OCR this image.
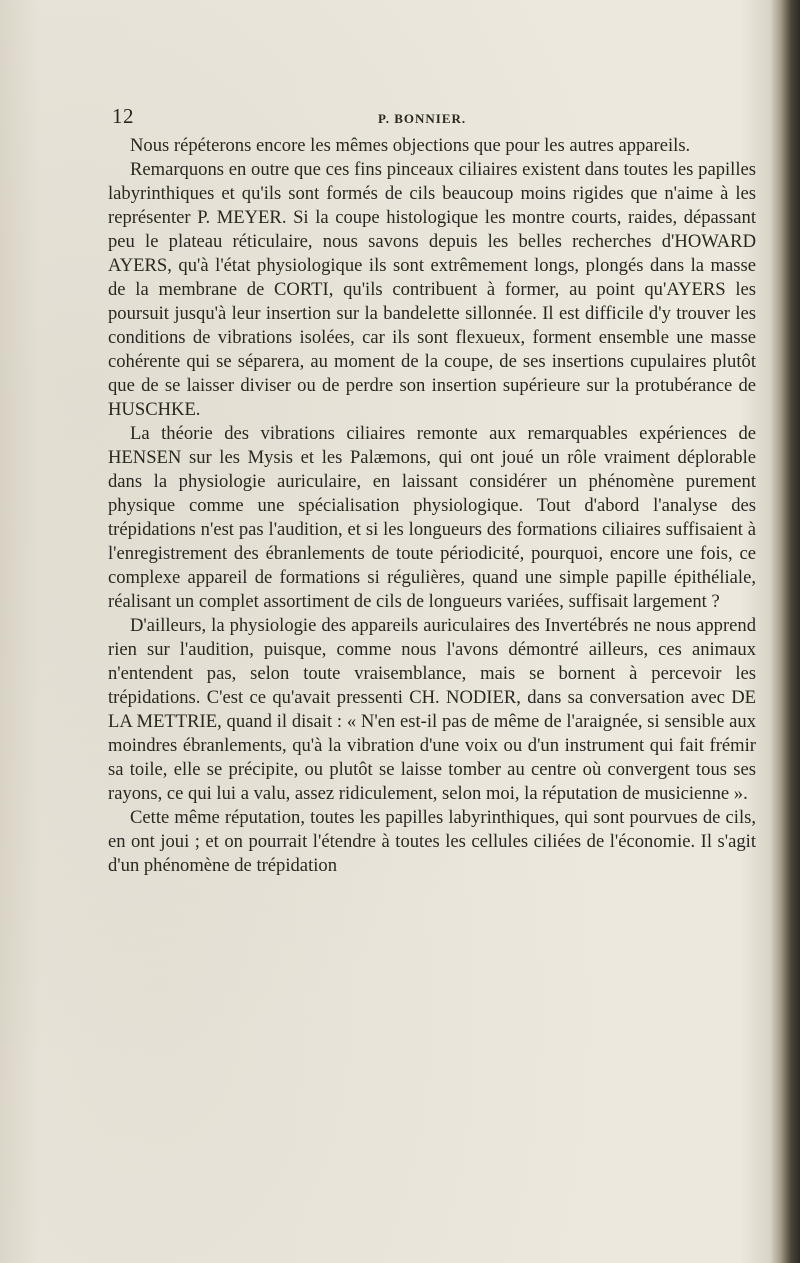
12	P. BONNIER.

Nous répéterons encore les mêmes objections que pour les autres appareils.

Remarquons en outre que ces fins pinceaux ciliaires existent dans toutes les papilles labyrinthiques et qu'ils sont formés de cils beaucoup moins rigides que n'aime à les représenter P. MEYER. Si la coupe histologique les montre courts, raides, dépassant peu le plateau réticulaire, nous savons depuis les belles recherches d'HOWARD AYERS, qu'à l'état physiologique ils sont extrêmement longs, plongés dans la masse de la membrane de CORTI, qu'ils contribuent à former, au point qu'AYERS les poursuit jusqu'à leur insertion sur la bandelette sillonnée. Il est difficile d'y trouver les conditions de vibrations isolées, car ils sont flexueux, forment ensemble une masse cohérente qui se séparera, au moment de la coupe, de ses insertions cupulaires plutôt que de se laisser diviser ou de perdre son insertion supérieure sur la protubérance de HUSCHKE.

La théorie des vibrations ciliaires remonte aux remarquables expériences de HENSEN sur les Mysis et les Palæmons, qui ont joué un rôle vraiment déplorable dans la physiologie auriculaire, en laissant considérer un phénomène purement physique comme une spécialisation physiologique. Tout d'abord l'analyse des trépidations n'est pas l'audition, et si les longueurs des formations ciliaires suffisaient à l'enregistrement des ébranlements de toute périodicité, pourquoi, encore une fois, ce complexe appareil de formations si régulières, quand une simple papille épithéliale, réalisant un complet assortiment de cils de longueurs variées, suffisait largement ?

D'ailleurs, la physiologie des appareils auriculaires des Invertébrés ne nous apprend rien sur l'audition, puisque, comme nous l'avons démontré ailleurs, ces animaux n'entendent pas, selon toute vraisemblance, mais se bornent à percevoir les trépidations. C'est ce qu'avait pressenti CH. NODIER, dans sa conversation avec DE LA METTRIE, quand il disait : « N'en est-il pas de même de l'araignée, si sensible aux moindres ébranlements, qu'à la vibration d'une voix ou d'un instrument qui fait frémir sa toile, elle se précipite, ou plutôt se laisse tomber au centre où convergent tous ses rayons, ce qui lui a valu, assez ridiculement, selon moi, la réputation de musicienne ».

Cette même réputation, toutes les papilles labyrinthiques, qui sont pourvues de cils, en ont joui ; et on pourrait l'étendre à toutes les cellules ciliées de l'économie. Il s'agit d'un phénomène de trépidation
